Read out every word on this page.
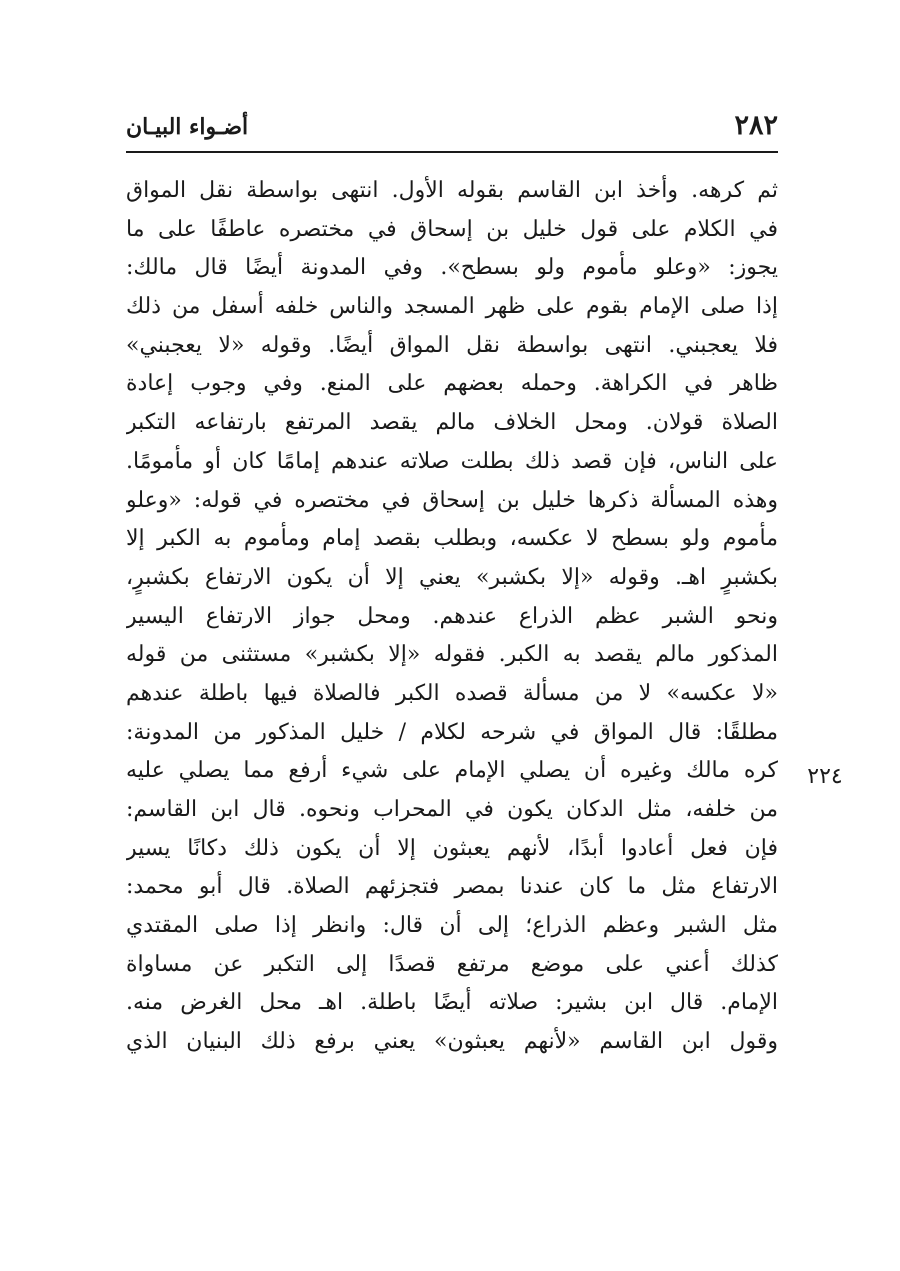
٢٨٢
أضـواء البيـان
ثم كرهه. وأخذ ابن القاسم بقوله الأول. انتهى بواسطة نقل المواق
في الكلام على قول خليل بن إسحاق في مختصره عاطفًا على ما
يجوز: «وعلو مأموم ولو بسطح». وفي المدونة أيضًا قال مالك:
إذا صلى الإمام بقوم على ظهر المسجد والناس خلفه أسفل من ذلك
فلا يعجبني. انتهى بواسطة نقل المواق أيضًا. وقوله «لا يعجبني»
ظاهر في الكراهة. وحمله بعضهم على المنع. وفي وجوب إعادة
الصلاة قولان. ومحل الخلاف مالم يقصد المرتفع بارتفاعه التكبر
على الناس، فإن قصد ذلك بطلت صلاته عندهم إمامًا كان أو مأمومًا.
وهذه المسألة ذكرها خليل بن إسحاق في مختصره في قوله: «وعلو
مأموم ولو بسطح لا عكسه، وبطلب بقصد إمام ومأموم به الكبر إلا
بكشبرٍ اهـ. وقوله «إلا بكشبر» يعني إلا أن يكون الارتفاع بكشبرٍ،
ونحو الشبر عظم الذراع عندهم. ومحل جواز الارتفاع اليسير
المذكور مالم يقصد به الكبر. فقوله «إلا بكشبر» مستثنى من قوله
«لا عكسه» لا من مسألة قصده الكبر فالصلاة فيها باطلة عندهم
مطلقًا: قال المواق في شرحه لكلام / خليل المذكور من المدونة:
كره مالك وغيره أن يصلي الإمام على شيء أرفع مما يصلي عليه
من خلفه، مثل الدكان يكون في المحراب ونحوه. قال ابن القاسم:
فإن فعل أعادوا أبدًا، لأنهم يعبثون إلا أن يكون ذلك دكانًا يسير
الارتفاع مثل ما كان عندنا بمصر فتجزئهم الصلاة. قال أبو محمد:
مثل الشبر وعظم الذراع؛ إلى أن قال: وانظر إذا صلى المقتدي
كذلك أعني على موضع مرتفع قصدًا إلى التكبر عن مساواة
الإمام. قال ابن بشير: صلاته أيضًا باطلة. اهـ محل الغرض منه.
وقول ابن القاسم «لأنهم يعبثون» يعني برفع ذلك البنيان الذي
٢٢٤
